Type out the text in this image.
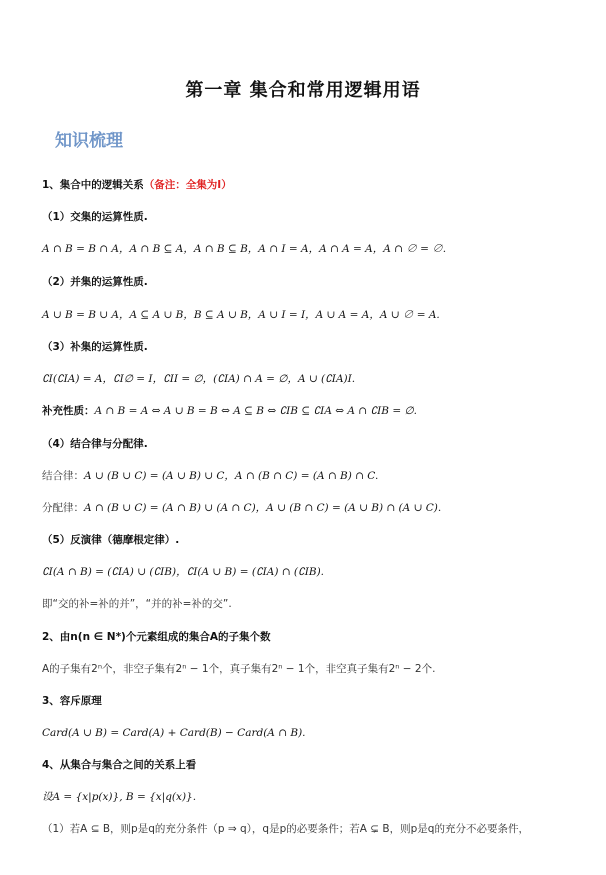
第一章 集合和常用逻辑用语
知识梳理
1、集合中的逻辑关系（备注：全集为I）
（1）交集的运算性质.
A ∩ B = B ∩ A，A ∩ B ⊆ A，A ∩ B ⊆ B，A ∩ I = A，A ∩ A = A，A ∩ ∅ = ∅.
（2）并集的运算性质.
A ∪ B = B ∪ A，A ⊆ A ∪ B，B ⊆ A ∪ B，A ∪ I = I，A ∪ A = A，A ∪ ∅ = A.
（3）补集的运算性质.
∁I(∁IA) = A，∁I∅ = I，∁II = ∅，(∁IA) ∩ A = ∅，A ∪ (∁IA)I.
补充性质：A ∩ B = A ⇔ A ∪ B = B ⇔ A ⊆ B ⇔ ∁IB ⊆ ∁IA ⇔ A ∩ ∁IB = ∅.
（4）结合律与分配律.
结合律：A ∪ (B ∪ C) = (A ∪ B) ∪ C，A ∩ (B ∩ C) = (A ∩ B) ∩ C.
分配律：A ∩ (B ∪ C) = (A ∩ B) ∪ (A ∩ C)，A ∪ (B ∩ C) = (A ∪ B) ∩ (A ∪ C).
（5）反演律（德摩根定律）.
∁I(A ∩ B) = (∁IA) ∪ (∁IB)，∁I(A ∪ B) = (∁IA) ∩ (∁IB).
即“交的补=补的并”，“并的补=补的交”.
2、由n(n ∈ N*)个元素组成的集合A的子集个数
A的子集有2ⁿ个，非空子集有2ⁿ − 1个，真子集有2ⁿ − 1个，非空真子集有2ⁿ − 2个.
3、容斥原理
Card(A ∪ B) = Card(A) + Card(B) − Card(A ∩ B).
4、从集合与集合之间的关系上看
设A = {x|p(x)}, B = {x|q(x)}.
（1）若A ⊆ B，则p是q的充分条件（p ⇒ q），q是p的必要条件；若A ⊊ B，则p是q的充分不必要条件，
